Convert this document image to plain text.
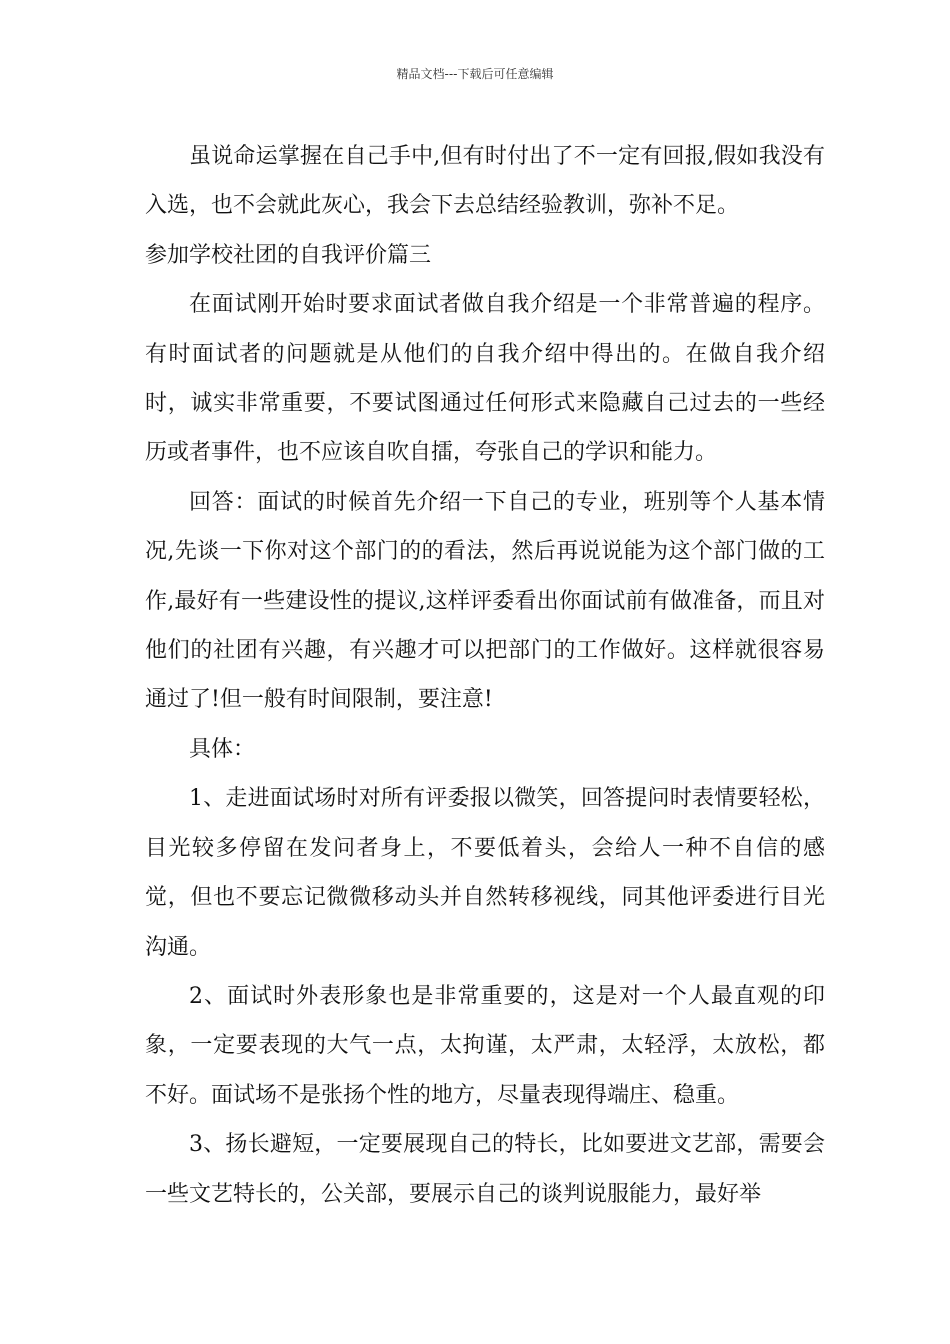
精品文档---下载后可任意编辑

虽说命运掌握在自己手中,但有时付出了不一定有回报,假如我没有入选，也不会就此灰心，我会下去总结经验教训，弥补不足。

参加学校社团的自我评价篇三

在面试刚开始时要求面试者做自我介绍是一个非常普遍的程序。有时面试者的问题就是从他们的自我介绍中得出的。在做自我介绍时，诚实非常重要，不要试图通过任何形式来隐藏自己过去的一些经历或者事件，也不应该自吹自擂，夸张自己的学识和能力。

回答：面试的时候首先介绍一下自己的专业，班别等个人基本情况,先谈一下你对这个部门的的看法，然后再说说能为这个部门做的工作,最好有一些建设性的提议,这样评委看出你面试前有做准备，而且对他们的社团有兴趣，有兴趣才可以把部门的工作做好。这样就很容易通过了!但一般有时间限制，要注意!

具体：

1、走进面试场时对所有评委报以微笑，回答提问时表情要轻松，目光较多停留在发问者身上，不要低着头，会给人一种不自信的感觉，但也不要忘记微微移动头并自然转移视线，同其他评委进行目光沟通。

2、面试时外表形象也是非常重要的，这是对一个人最直观的印象，一定要表现的大气一点，太拘谨，太严肃，太轻浮，太放松，都不好。面试场不是张扬个性的地方，尽量表现得端庄、稳重。

3、扬长避短，一定要展现自己的特长，比如要进文艺部，需要会一些文艺特长的，公关部，要展示自己的谈判说服能力，最好举
